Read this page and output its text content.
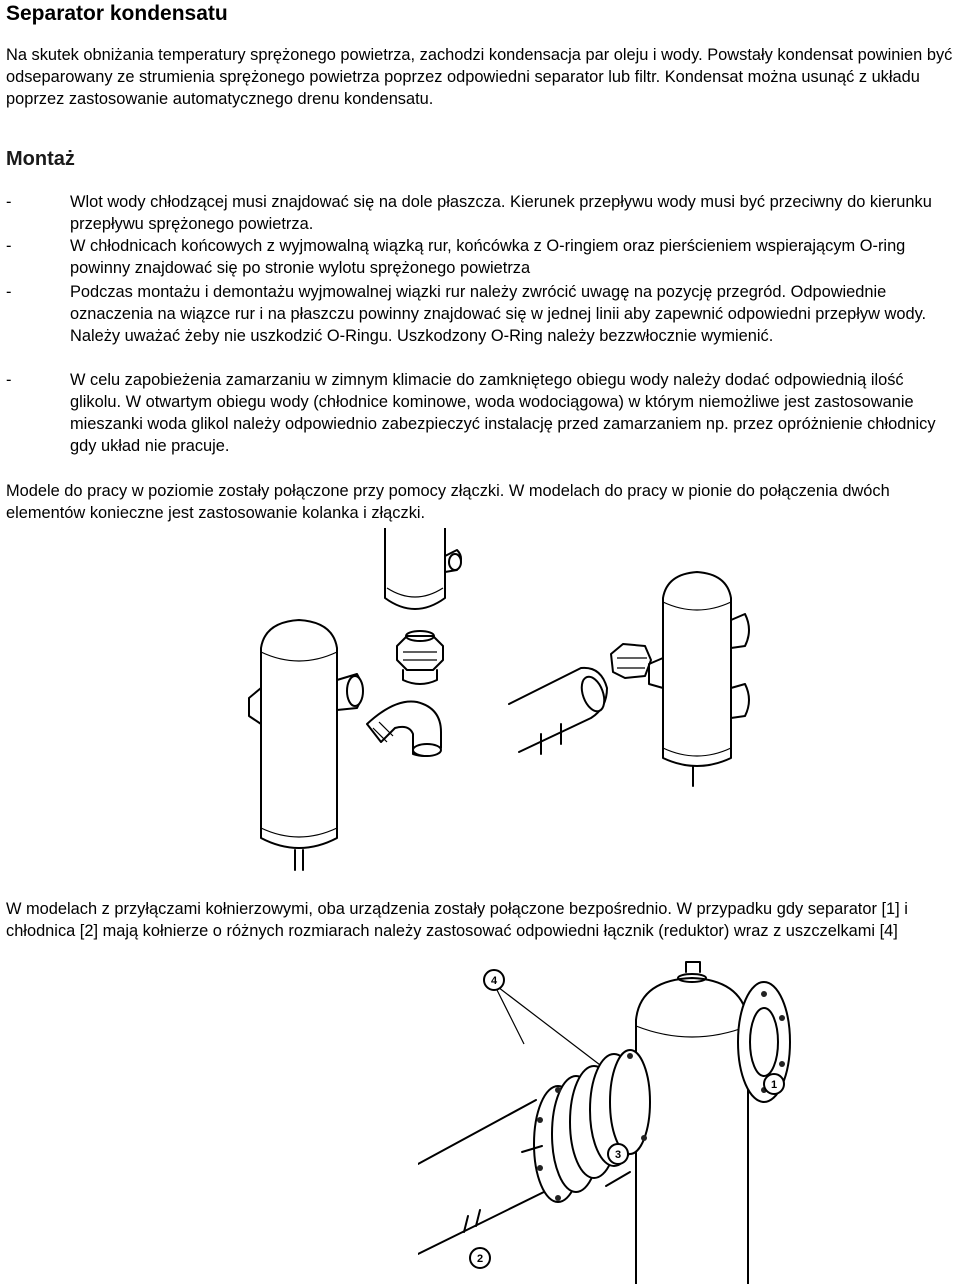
Separator kondensatu

Na skutek obniżania temperatury sprężonego powietrza, zachodzi kondensacja par oleju i wody. Powstały kondensat powinien być odseparowany ze strumienia sprężonego powietrza poprzez odpowiedni separator lub filtr. Kondensat można usunąć z układu poprzez zastosowanie automatycznego drenu kondensatu.

Montaż
-	Wlot wody chłodzącej musi znajdować się na dole płaszcza. Kierunek przepływu wody musi być przeciwny do kierunku przepływu sprężonego powietrza.
-	W chłodnicach końcowych z wyjmowalną wiązką rur, końcówka z O-ringiem oraz pierścieniem wspierającym O-ring powinny znajdować się po stronie wylotu sprężonego powietrza
-	Podczas montażu i demontażu wyjmowalnej wiązki rur należy zwrócić uwagę na pozycję przegród. Odpowiednie oznaczenia na wiązce rur i na płaszczu powinny znajdować się w jednej linii aby zapewnić odpowiedni przepływ wody. Należy uważać żeby nie uszkodzić O-Ringu. Uszkodzony O-Ring należy bezzwłocznie wymienić.
-	W celu zapobieżenia zamarzaniu w zimnym klimacie do zamkniętego obiegu wody należy dodać odpowiednią ilość glikolu. W otwartym obiegu wody (chłodnice kominowe, woda wodociągowa) w którym niemożliwe jest zastosowanie mieszanki woda glikol należy odpowiednio zabezpieczyć instalację przed zamarzaniem np. przez opróżnienie chłodnicy gdy układ nie pracuje.

Modele do pracy w poziomie zostały połączone przy pomocy złączki. W modelach do pracy w pionie do połączenia dwóch elementów konieczne jest zastosowanie kolanka i złączki.

W modelach z przyłączami kołnierzowymi, oba urządzenia zostały połączone bezpośrednio. W przypadku gdy separator [1] i chłodnica [2] mają kołnierze o różnych rozmiarach należy zastosować odpowiedni łącznik (reduktor) wraz z uszczelkami [4]

4
1
3
2
